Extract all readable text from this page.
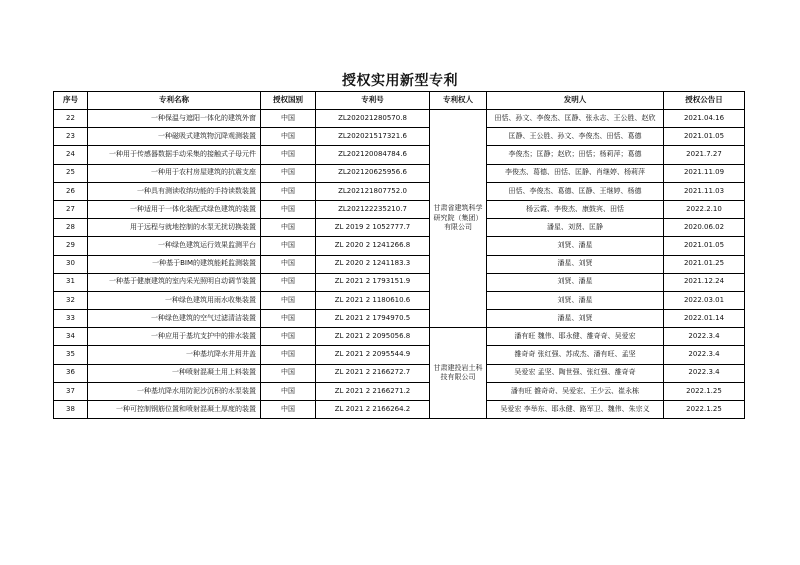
授权实用新型专利
序号	专利名称	授权国别	专利号	专利权人	发明人	授权公告日
22	一种保温与遮阳一体化的建筑外窗	中国	ZL202021280570.8	甘肃省建筑科学研究院（集团）有限公司	田恬、孙文、李俊杰、匡静、张永志、王公胜、赵欣	2021.04.16
23	一种磁吸式建筑物沉降观测装置	中国	ZL202021517321.6		匡静、王公胜、孙文、李俊杰、田恬、葛德	2021.01.05
24	一种用于传感器数据手动采集的接触式子母元件	中国	ZL202120084784.6		李俊杰；匡静；赵欣；田恬；杨莉萍；葛德	2021.7.27
25	一种用于农村房屋建筑的抗震支座	中国	ZL202120625956.6		李俊杰、葛德、田恬、匡静、肖继婷、杨莉萍	2021.11.09
26	一种具有测读收纳功能的手持读数装置	中国	ZL202121807752.0		田恬、李俊杰、葛德、匡静、王继婷、杨德	2021.11.03
27	一种适用于一体化装配式绿色建筑的装置	中国	ZL202122235210.7		杨云霞、李俊杰、康鼓宾、田恬	2022.2.10
28	用于远程与就地控制的水泵无扰切换装置	中国	ZL 2019 2 1052777.7		潘星、刘贤、匡静	2020.06.02
29	一种绿色建筑运行效果监测平台	中国	ZL 2020 2 1241266.8		刘贤、潘星	2021.01.05
30	一种基于BIM的建筑能耗监测装置	中国	ZL 2020 2 1241183.3		潘星、刘贤	2021.01.25
31	一种基于健康建筑的室内采光照明自动调节装置	中国	ZL 2021 2 1793151.9		刘贤、潘星	2021.12.24
32	一种绿色建筑用雨水收集装置	中国	ZL 2021 2 1180610.6		刘贤、潘星	2022.03.01
33	一种绿色建筑的空气过滤清洁装置	中国	ZL 2021 2 1794970.5		潘星、刘贤	2022.01.14
34	一种应用于基坑支护中的排水装置	中国	ZL 2021 2 2095056.8	甘肃建投岩土科技有限公司	潘有旺 魏伟、耶永健、雒奇奇、吴爱宏	2022.3.4
35	一种基坑降水井用井盖	中国	ZL 2021 2 2095544.9		雒奇奇 张红强、苏成杰、潘有旺、孟坚	2022.3.4
36	一种喷射混凝土用上料装置	中国	ZL 2021 2 2166272.7		吴爱宏 孟坚、陶世强、张红强、雒奇奇	2022.3.4
37	一种基坑降水用防泥沙沉积的水泵装置	中国	ZL 2021 2 2166271.2		潘有旺 雒奇奇、吴爱宏、王少云、崔永栋	2022.1.25
38	一种可控制钢筋位置和喷射混凝土厚度的装置	中国	ZL 2021 2 2166264.2		吴爱宏 李举东、耶永健、路军卫、魏伟、朱宗义	2022.1.25
